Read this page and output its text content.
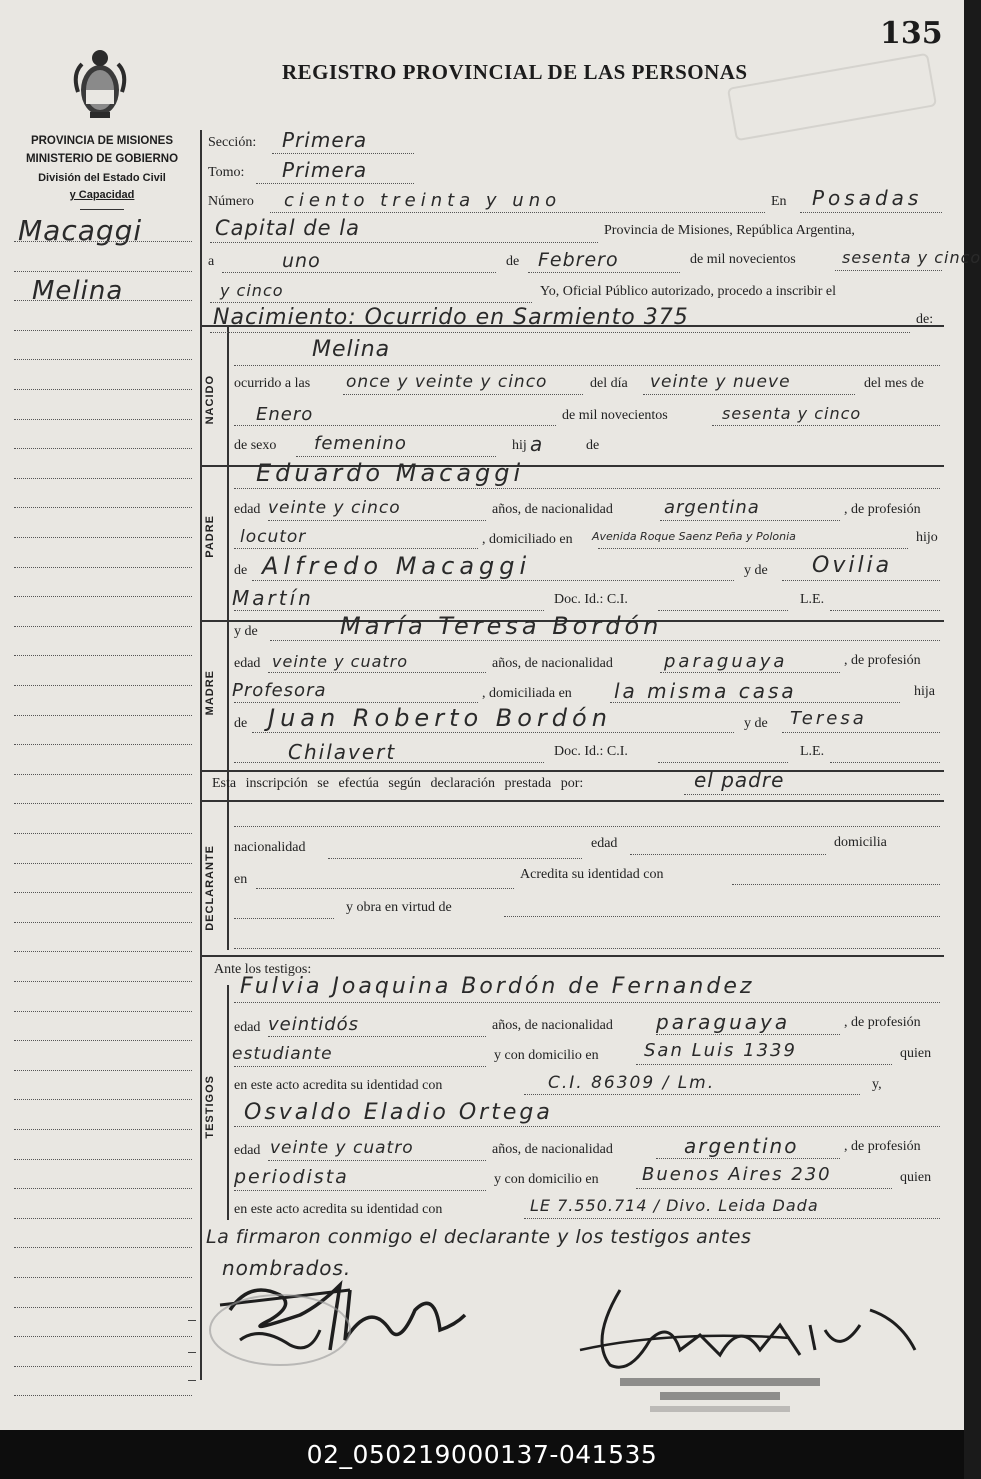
135
REGISTRO PROVINCIAL DE LAS PERSONAS
PROVINCIA DE MISIONES
MINISTERIO DE GOBIERNO
División del Estado Civil
y Capacidad
Macaggi
Melina
NACIDO
PADRE
MADRE
DECLARANTE
TESTIGOS
Sección: Primera
Tomo: Primera
Número ciento treinta y uno	En Posadas
Capital de la	Provincia de Misiones, República Argentina,
a	uno	de Febrero	de mil novecientos	sesenta y cinco
y cinco	Yo, Oficial Público autorizado, procedo a inscribir el
Nacimiento: Ocurrido en Sarmiento 375	de:
Melina
ocurrido a las once y veinte y cinco	del día veinte y nueve	del mes de
Enero	de mil novecientos	sesenta y cinco
de sexo femenino	hij a	de
Eduardo Macaggi
edad veinte y cinco	años, de nacionalidad	argentina	, de profesión
locutor	, domiciliado en Avenida Roque Saenz Peña y Polonia	hijo
de Alfredo Macaggi	y de Ovilia
Martín	Doc. Id.: C.I.	L.E.
y de	María Teresa Bordón
edad veinte y cuatro	años, de nacionalidad	paraguaya	, de profesión
Profesora	, domiciliada en la misma casa	hija
de Juan Roberto Bordón	y de Teresa
Chilavert	Doc. Id.: C.I.	L.E.
Esta inscripción se efectúa según declaración prestada por:	el padre
nacionalidad	edad	domicilia
en	Acredita su identidad con
y obra en virtud de
Ante los testigos:
Fulvia Joaquina Bordón de Fernandez
edad veintidós	años, de nacionalidad paraguaya	, de profesión
estudiante	y con domicilio en	San Luis 1339	quien
en este acto acredita su identidad con	C.I. 86309 / Lm.	y,
Osvaldo Eladio Ortega
edad veinte y cuatro	años, de nacionalidad	argentino	, de profesión
periodista	y con domicilio en Buenos Aires 230	quien
en este acto acredita su identidad con	LE 7.550.714 / Divo. Leida Dada
La firmaron conmigo el declarante y los testigos antes
nombrados.
02_050219000137-041535
